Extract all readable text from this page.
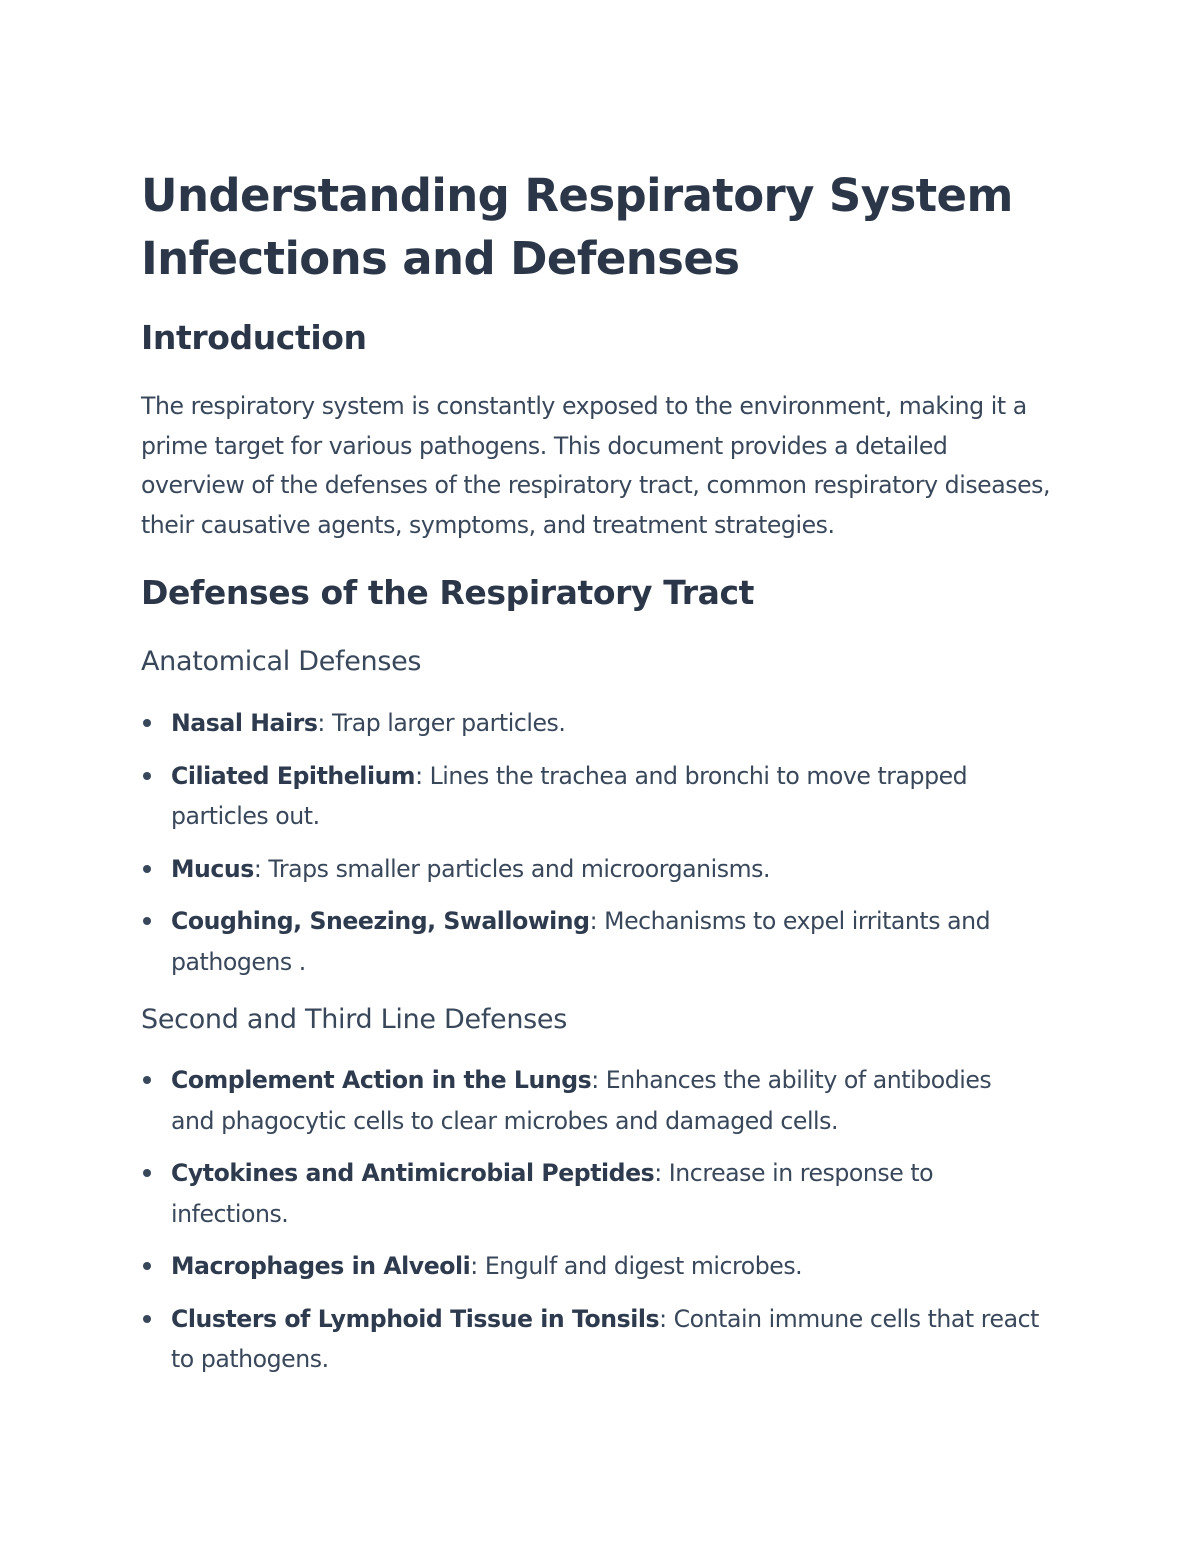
Understanding Respiratory System Infections and Defenses
Introduction

The respiratory system is constantly exposed to the environment, making it a prime target for various pathogens. This document provides a detailed overview of the defenses of the respiratory tract, common respiratory diseases, their causative agents, symptoms, and treatment strategies.

Defenses of the Respiratory Tract
Anatomical Defenses
Nasal Hairs: Trap larger particles.
Ciliated Epithelium: Lines the trachea and bronchi to move trapped particles out.
Mucus: Traps smaller particles and microorganisms.
Coughing, Sneezing, Swallowing: Mechanisms to expel irritants and pathogens .
Second and Third Line Defenses
Complement Action in the Lungs: Enhances the ability of antibodies and phagocytic cells to clear microbes and damaged cells.
Cytokines and Antimicrobial Peptides: Increase in response to infections.
Macrophages in Alveoli: Engulf and digest microbes.
Clusters of Lymphoid Tissue in Tonsils: Contain immune cells that react to pathogens.
